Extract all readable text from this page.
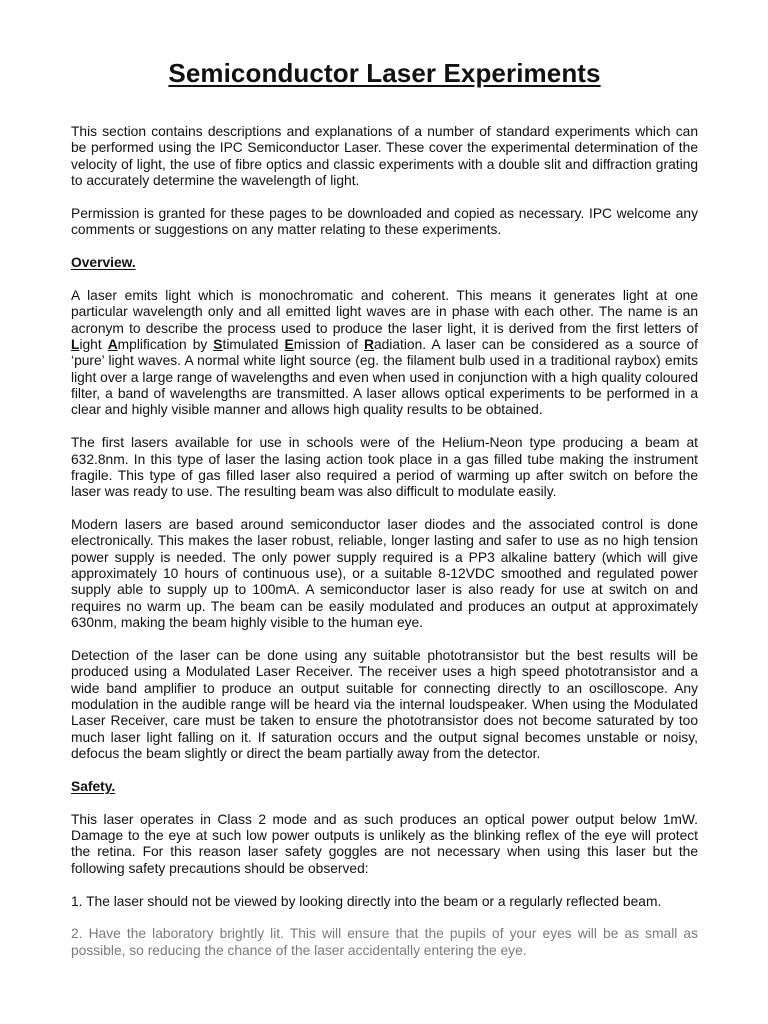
Semiconductor Laser Experiments

This section contains descriptions and explanations of a number of standard experiments which can be performed using the IPC Semiconductor Laser. These cover the experimental determination of the velocity of light, the use of fibre optics and classic experiments with a double slit and diffraction grating to accurately determine the wavelength of light.

Permission is granted for these pages to be downloaded and copied as necessary. IPC welcome any comments or suggestions on any matter relating to these experiments.

Overview.

A laser emits light which is monochromatic and coherent. This means it generates light at one particular wavelength only and all emitted light waves are in phase with each other. The name is an acronym to describe the process used to produce the laser light, it is derived from the first letters of Light Amplification by Stimulated Emission of Radiation. A laser can be considered as a source of ‘pure’ light waves. A normal white light source (eg. the filament bulb used in a traditional raybox) emits light over a large range of wavelengths and even when used in conjunction with a high quality coloured filter, a band of wavelengths are transmitted. A laser allows optical experiments to be performed in a clear and highly visible manner and allows high quality results to be obtained.

The first lasers available for use in schools were of the Helium-Neon type producing a beam at 632.8nm. In this type of laser the lasing action took place in a gas filled tube making the instrument fragile. This type of gas filled laser also required a period of warming up after switch on before the laser was ready to use. The resulting beam was also difficult to modulate easily.

Modern lasers are based around semiconductor laser diodes and the associated control is done electronically. This makes the laser robust, reliable, longer lasting and safer to use as no high tension power supply is needed. The only power supply required is a PP3 alkaline battery (which will give approximately 10 hours of continuous use), or a suitable 8-12VDC smoothed and regulated power supply able to supply up to 100mA. A semiconductor laser is also ready for use at switch on and requires no warm up. The beam can be easily modulated and produces an output at approximately 630nm, making the beam highly visible to the human eye.

Detection of the laser can be done using any suitable phototransistor but the best results will be produced using a Modulated Laser Receiver. The receiver uses a high speed phototransistor and a wide band amplifier to produce an output suitable for connecting directly to an oscilloscope. Any modulation in the audible range will be heard via the internal loudspeaker. When using the Modulated Laser Receiver, care must be taken to ensure the phototransistor does not become saturated by too much laser light falling on it. If saturation occurs and the output signal becomes unstable or noisy, defocus the beam slightly or direct the beam partially away from the detector.

Safety.

This laser operates in Class 2 mode and as such produces an optical power output below 1mW. Damage to the eye at such low power outputs is unlikely as the blinking reflex of the eye will protect the retina. For this reason laser safety goggles are not necessary when using this laser but the following safety precautions should be observed:

1. The laser should not be viewed by looking directly into the beam or a regularly reflected beam.

2. Have the laboratory brightly lit. This will ensure that the pupils of your eyes will be as small as possible, so reducing the chance of the laser accidentally entering the eye.
